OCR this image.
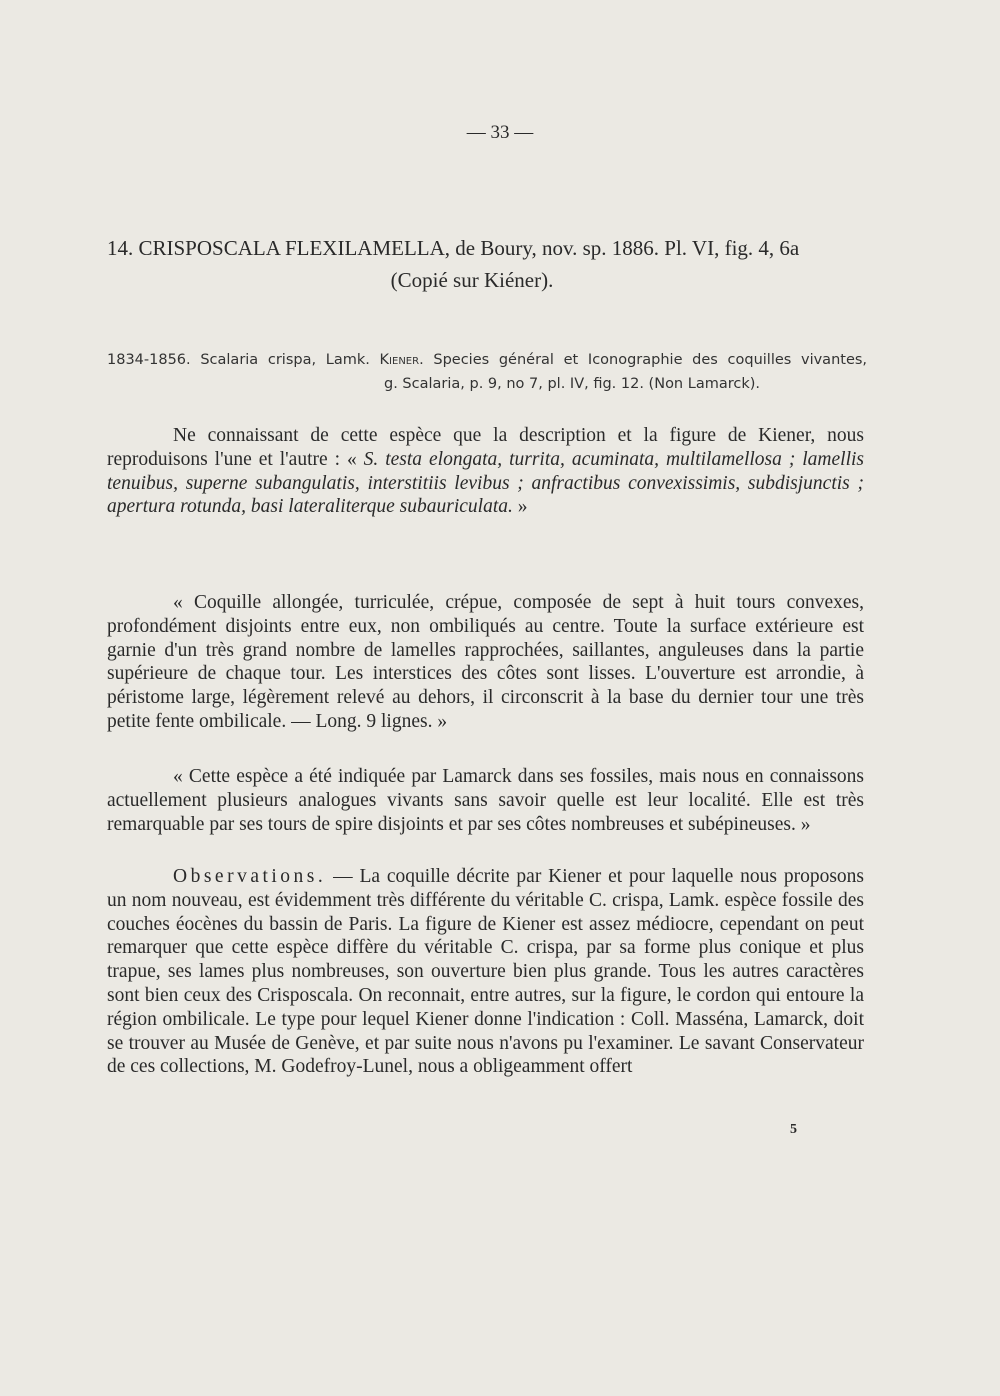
— 33 —
14. CRISPOSCALA FLEXILAMELLA, de Boury, nov. sp. 1886. Pl. VI, fig. 4, 6a
(Copié sur Kiéner).
1834-1856. Scalaria crispa, Lamk. Kiener. Species général et Iconographie des coquilles vivantes,
g. Scalaria, p. 9, no 7, pl. IV, fig. 12. (Non Lamarck).

Ne connaissant de cette espèce que la description et la figure de Kiener, nous reproduisons l'une et l'autre : « S. testa elongata, turrita, acuminata, multilamellosa ; lamellis tenuibus, superne subangulatis, interstitiis levibus ; anfractibus convexissimis, subdisjunctis ; apertura rotunda, basi lateraliterque subauriculata. »

« Coquille allongée, turriculée, crépue, composée de sept à huit tours convexes, profondément disjoints entre eux, non ombiliqués au centre. Toute la surface extérieure est garnie d'un très grand nombre de lamelles rapprochées, saillantes, anguleuses dans la partie supérieure de chaque tour. Les interstices des côtes sont lisses. L'ouverture est arrondie, à péristome large, légèrement relevé au dehors, il circonscrit à la base du dernier tour une très petite fente ombilicale. — Long. 9 lignes. »

« Cette espèce a été indiquée par Lamarck dans ses fossiles, mais nous en connaissons actuellement plusieurs analogues vivants sans savoir quelle est leur localité. Elle est très remarquable par ses tours de spire disjoints et par ses côtes nombreuses et subépineuses. »

Observations. — La coquille décrite par Kiener et pour laquelle nous proposons un nom nouveau, est évidemment très différente du véritable C. crispa, Lamk. espèce fossile des couches éocènes du bassin de Paris. La figure de Kiener est assez médiocre, cependant on peut remarquer que cette espèce diffère du véritable C. crispa, par sa forme plus conique et plus trapue, ses lames plus nombreuses, son ouverture bien plus grande. Tous les autres caractères sont bien ceux des Crisposcala. On reconnait, entre autres, sur la figure, le cordon qui entoure la région ombilicale. Le type pour lequel Kiener donne l'indication : Coll. Masséna, Lamarck, doit se trouver au Musée de Genève, et par suite nous n'avons pu l'examiner. Le savant Conservateur de ces collections, M. Godefroy-Lunel, nous a obligeamment offert

5
